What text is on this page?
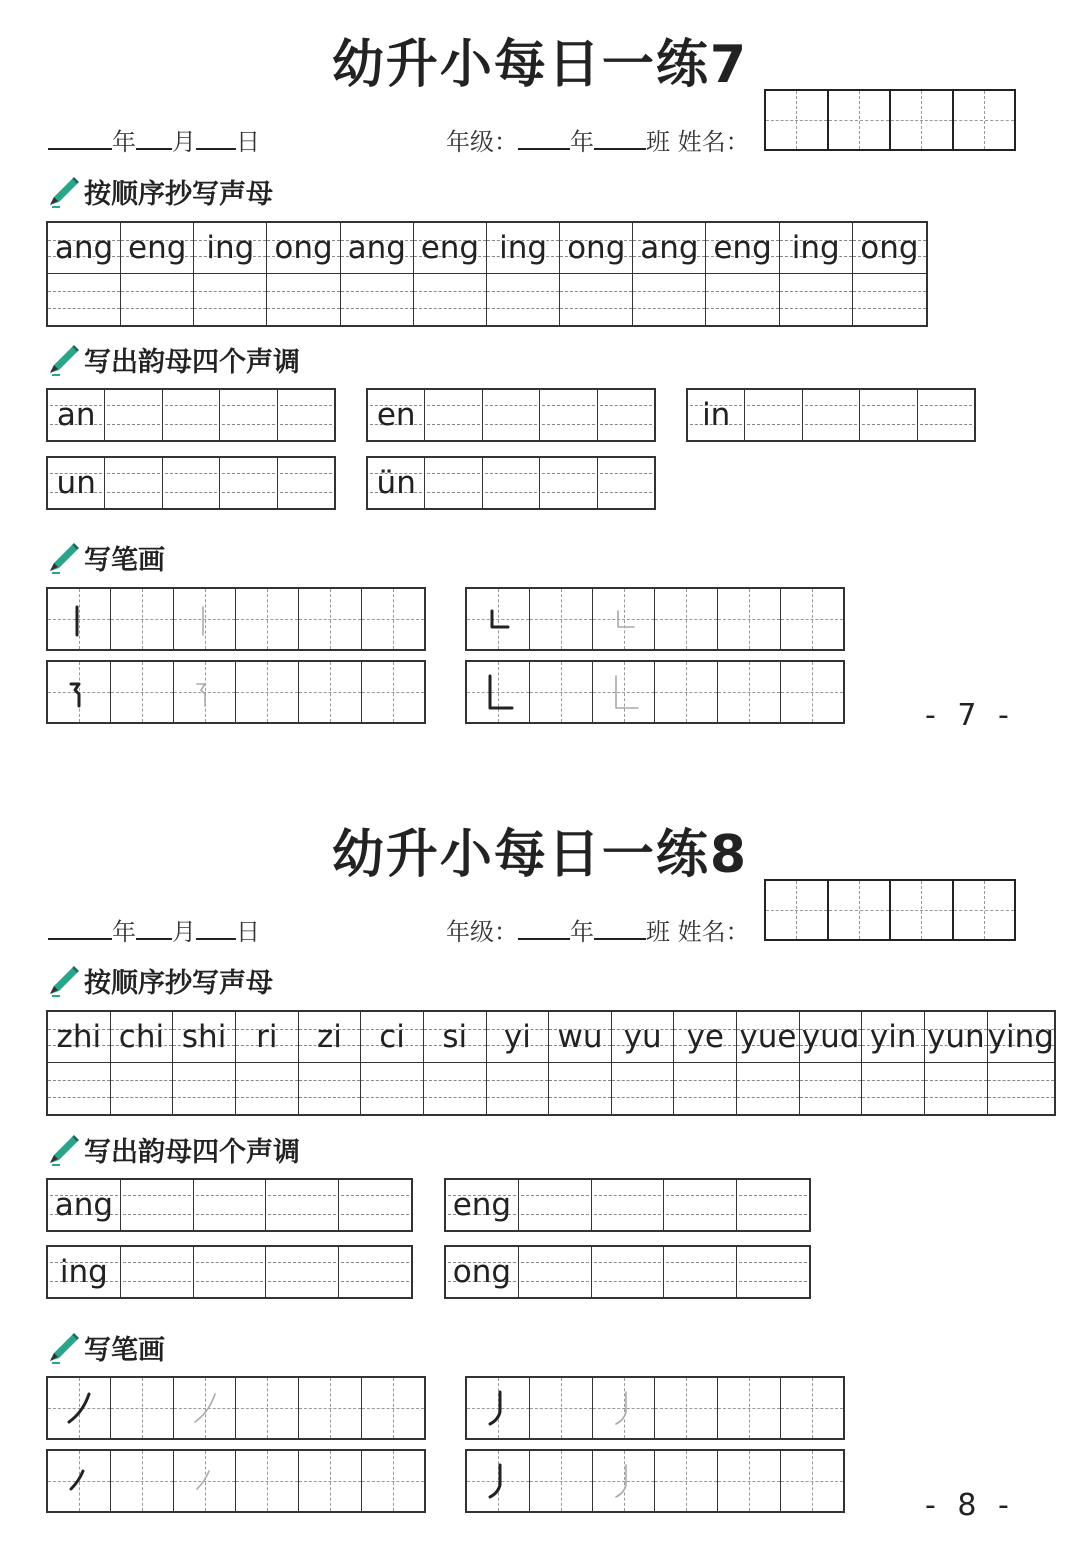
幼升小每日一练7
年 月 日	年级： 年 班 姓名：
按顺序抄写声母
ang eng ing ong ang eng ing ong ang eng ing ong
写出韵母四个声调
an	en	in
un	ün
写笔画
- 7 -
幼升小每日一练8
年 月 日	年级： 年 班 姓名：
按顺序抄写声母
zhi chi shi ri zi ci si yi wu yu ye yue yuɑ yin yun ying
写出韵母四个声调
ang	eng
ing	ong
写笔画
- 8 -
